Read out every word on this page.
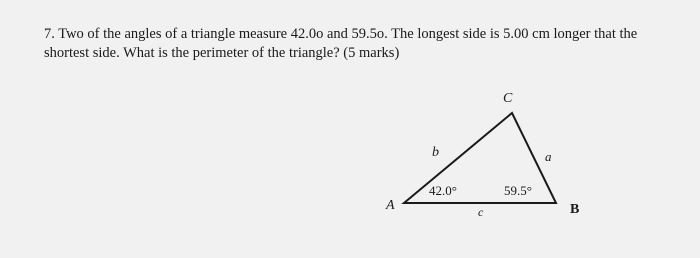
7. Two of the angles of a triangle measure 42.0o and 59.5o. The longest side is 5.00 cm longer that the shortest side. What is the perimeter of the triangle? (5 marks)

A
C
B
b	a
c
42.0°	59.5°
